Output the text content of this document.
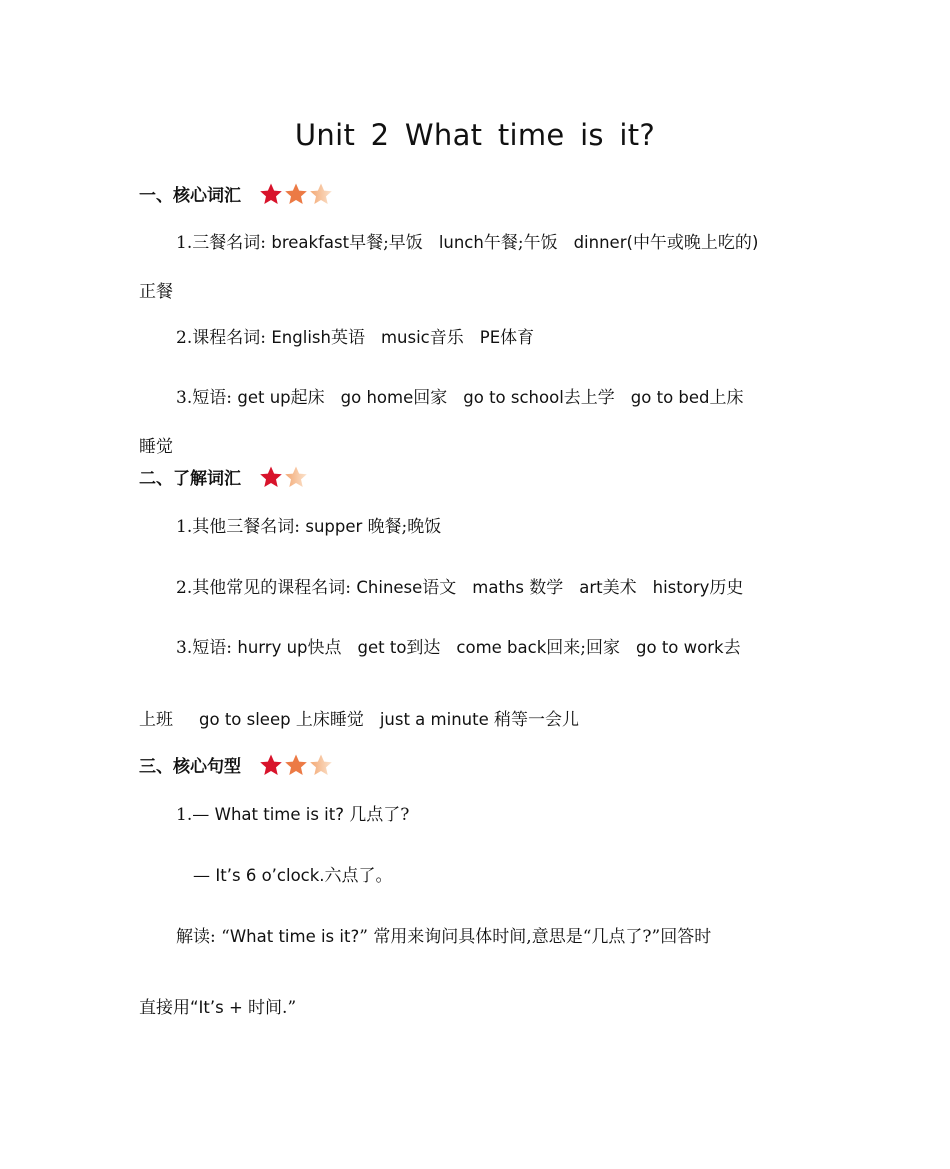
Unit 2 What time is it?
一、核心词汇
1.三餐名词: breakfast早餐;早饭 lunch午餐;午饭 dinner(中午或晚上吃的)
正餐
2.课程名词: English英语 music音乐 PE体育
3.短语: get up起床 go home回家 go to school去上学 go to bed上床
睡觉
二、了解词汇
1.其他三餐名词: supper 晚餐;晚饭
2.其他常见的课程名词: Chinese语文 maths 数学 art美术 history历史
3.短语: hurry up快点 get to到达 come back回来;回家 go to work去
上班 go to sleep 上床睡觉 just a minute 稍等一会儿
三、核心句型
1.— What time is it? 几点了?
— It’s 6 o’clock.六点了。
解读: “What time is it?” 常用来询问具体时间,意思是“几点了?”回答时
直接用“It’s + 时间.”
